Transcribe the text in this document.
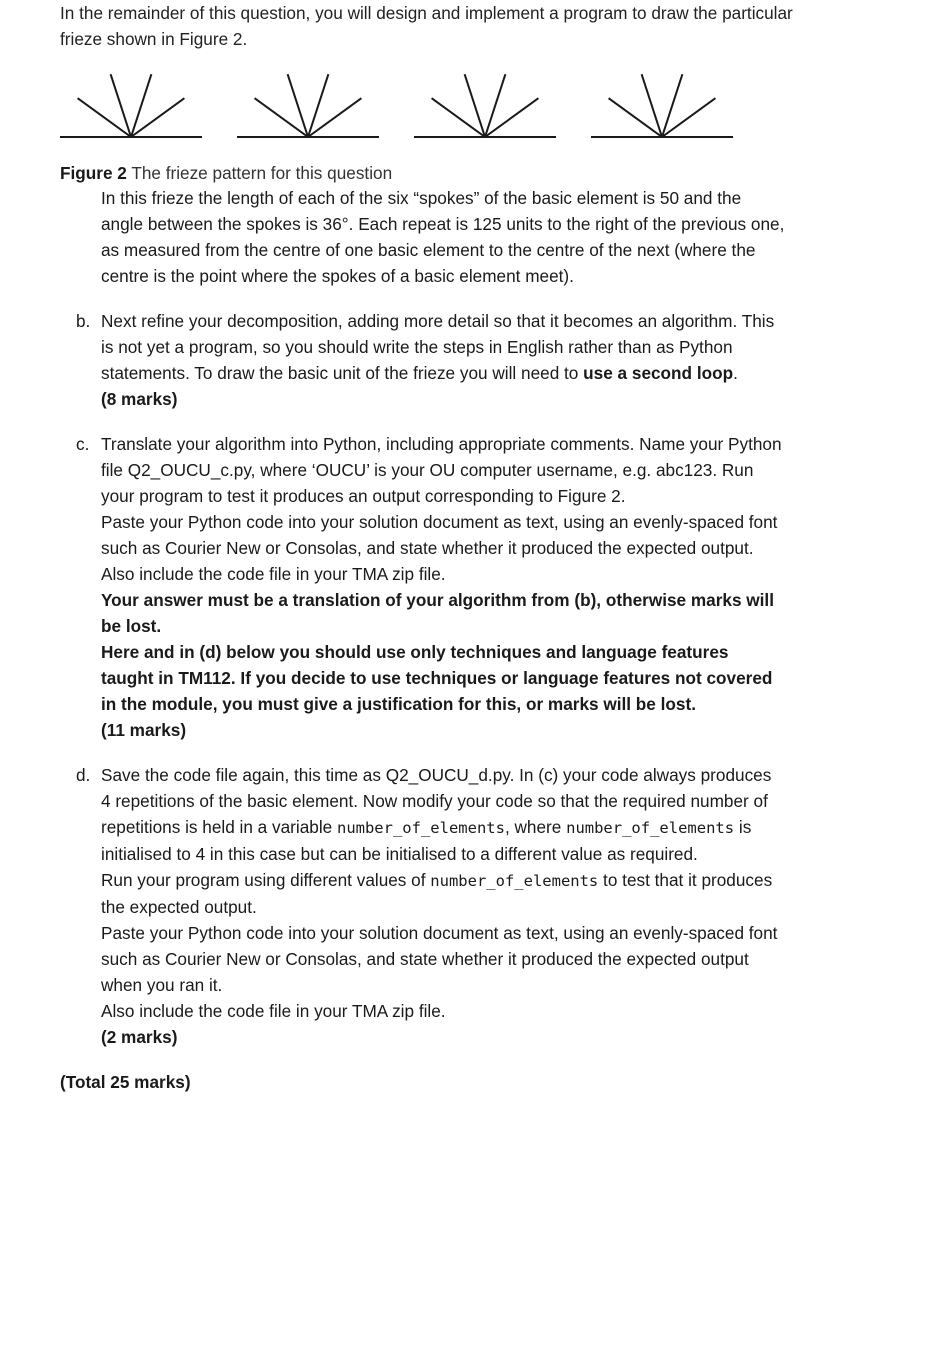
In the remainder of this question, you will design and implement a program to draw the particular frieze shown in Figure 2.

Figure 2 The frieze pattern for this question

In this frieze the length of each of the six “spokes” of the basic element is 50 and the angle between the spokes is 36°. Each repeat is 125 units to the right of the previous one, as measured from the centre of one basic element to the centre of the next (where the centre is the point where the spokes of a basic element meet).

b. Next refine your decomposition, adding more detail so that it becomes an algorithm. This is not yet a program, so you should write the steps in English rather than as Python statements. To draw the basic unit of the frieze you will need to use a second loop.

(8 marks)

c. Translate your algorithm into Python, including appropriate comments. Name your Python file Q2_OUCU_c.py, where ‘OUCU’ is your OU computer username, e.g. abc123. Run your program to test it produces an output corresponding to Figure 2.

Paste your Python code into your solution document as text, using an evenly-spaced font such as Courier New or Consolas, and state whether it produced the expected output.

Also include the code file in your TMA zip file.

Your answer must be a translation of your algorithm from (b), otherwise marks will be lost.

Here and in (d) below you should use only techniques and language features taught in TM112. If you decide to use techniques or language features not covered in the module, you must give a justification for this, or marks will be lost.

(11 marks)

d. Save the code file again, this time as Q2_OUCU_d.py. In (c) your code always produces 4 repetitions of the basic element. Now modify your code so that the required number of repetitions is held in a variable number_of_elements, where number_of_elements is initialised to 4 in this case but can be initialised to a different value as required.

Run your program using different values of number_of_elements to test that it produces the expected output.

Paste your Python code into your solution document as text, using an evenly-spaced font such as Courier New or Consolas, and state whether it produced the expected output when you ran it.

Also include the code file in your TMA zip file.

(2 marks)

(Total 25 marks)
